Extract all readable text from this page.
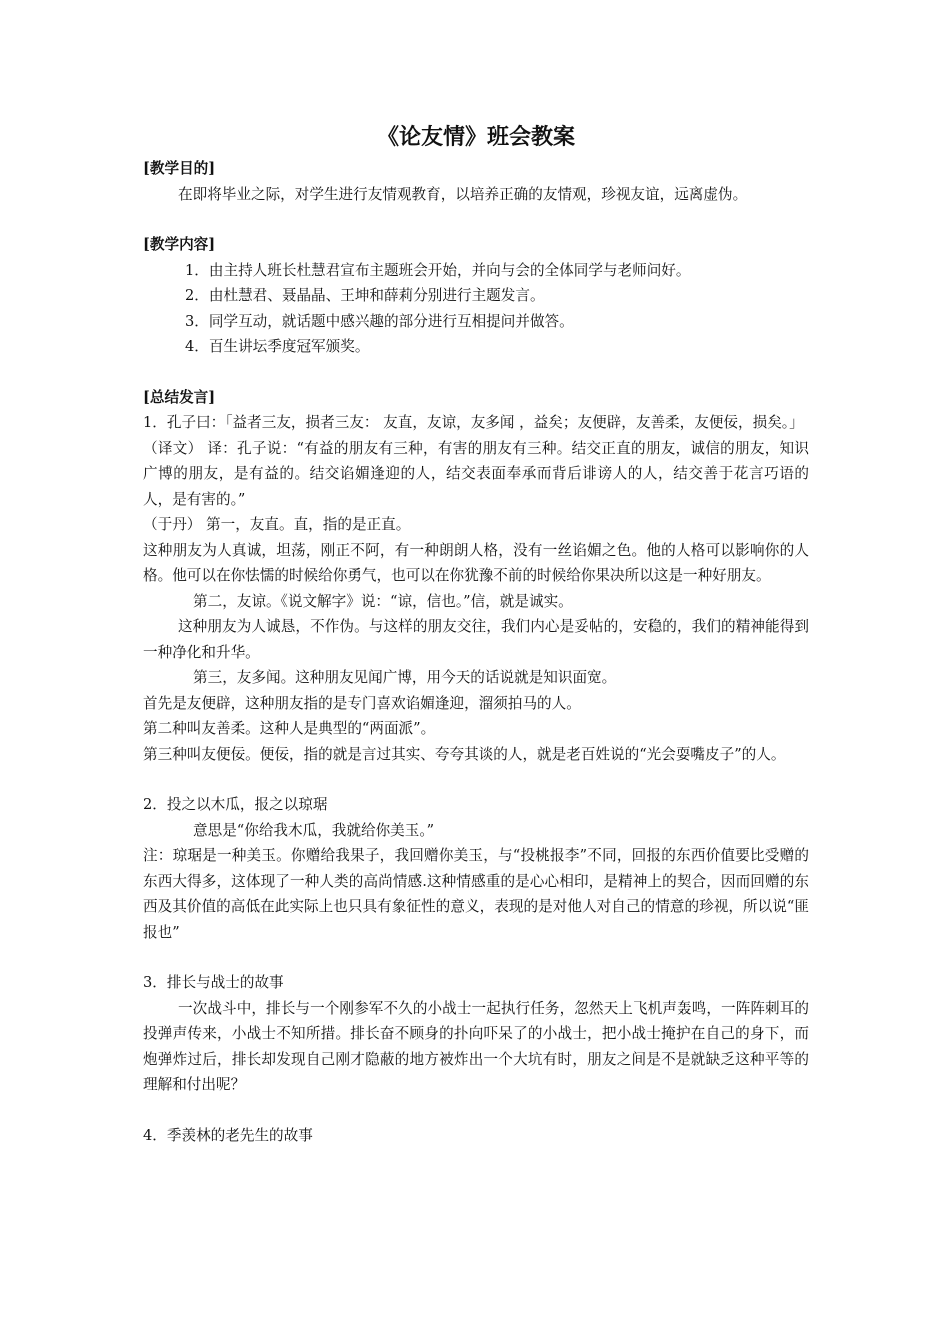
《论友情》班会教案

[教学目的]

在即将毕业之际，对学生进行友情观教育，以培养正确的友情观，珍视友谊，远离虚伪。

[教学内容]

1．由主持人班长杜慧君宣布主题班会开始，并向与会的全体同学与老师问好。

2．由杜慧君、聂晶晶、王坤和薛莉分别进行主题发言。

3．同学互动，就话题中感兴趣的部分进行互相提问并做答。

4．百生讲坛季度冠军颁奖。

[总结发言]

1．孔子曰：「益者三友，损者三友： 友直，友谅，友多闻 ，益矣；友便辟，友善柔，友便佞，损矣。」

（译文） 译：孔子说：“有益的朋友有三种，有害的朋友有三种。结交正直的朋友，诚信的朋友，知识广博的朋友，是有益的。结交谄媚逢迎的人，结交表面奉承而背后诽谤人的人，结交善于花言巧语的人，是有害的。”

（于丹） 第一，友直。直，指的是正直。

这种朋友为人真诚，坦荡，刚正不阿，有一种朗朗人格，没有一丝谄媚之色。他的人格可以影响你的人格。他可以在你怯懦的时候给你勇气，也可以在你犹豫不前的时候给你果决所以这是一种好朋友。

第二，友谅。《说文解字》说：“谅，信也。”信，就是诚实。

这种朋友为人诚恳，不作伪。与这样的朋友交往，我们内心是妥帖的，安稳的，我们的精神能得到一种净化和升华。

第三，友多闻。这种朋友见闻广博，用今天的话说就是知识面宽。

首先是友便辟，这种朋友指的是专门喜欢谄媚逢迎，溜须拍马的人。

第二种叫友善柔。这种人是典型的“两面派”。

第三种叫友便佞。便佞，指的就是言过其实、夸夸其谈的人，就是老百姓说的“光会耍嘴皮子”的人。

2．投之以木瓜，报之以琼琚

意思是“你给我木瓜，我就给你美玉。”

注：琼琚是一种美玉。你赠给我果子，我回赠你美玉，与“投桃报李”不同，回报的东西价值要比受赠的东西大得多，这体现了一种人类的高尚情感.这种情感重的是心心相印，是精神上的契合，因而回赠的东西及其价值的高低在此实际上也只具有象征性的意义，表现的是对他人对自己的情意的珍视，所以说“匪报也”

3．排长与战士的故事

一次战斗中，排长与一个刚参军不久的小战士一起执行任务，忽然天上飞机声轰鸣，一阵阵刺耳的投弹声传来，小战士不知所措。排长奋不顾身的扑向吓呆了的小战士，把小战士掩护在自己的身下，而炮弹炸过后，排长却发现自己刚才隐蔽的地方被炸出一个大坑有时，朋友之间是不是就缺乏这种平等的理解和付出呢？

4．季羡林的老先生的故事
